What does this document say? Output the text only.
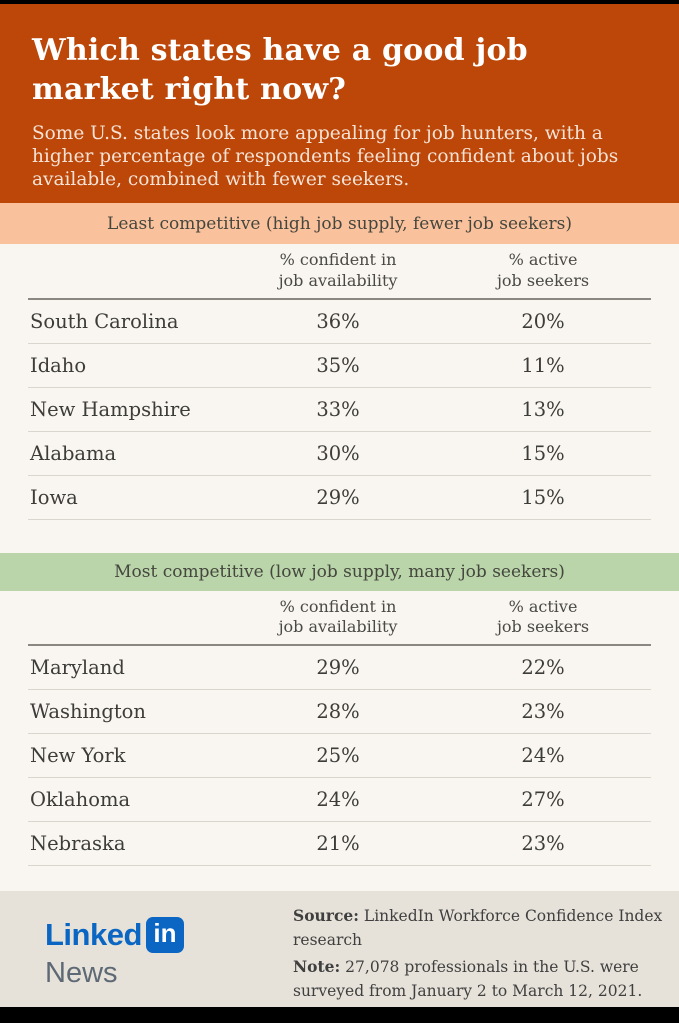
Which states have a good job
market right now?
Some U.S. states look more appealing for job hunters, with a
higher percentage of respondents feeling confident about jobs
available, combined with fewer seekers.
Least competitive (high job supply, fewer job seekers)
% confident in
job availability
% active
job seekers
South Carolina	36%	20%
Idaho	35%	11%
New Hampshire	33%	13%
Alabama	30%	15%
Iowa	29%	15%
Most competitive (low job supply, many job seekers)
% confident in
job availability
% active
job seekers
Maryland	29%	22%
Washington	28%	23%
New York	25%	24%
Oklahoma	24%	27%
Nebraska	21%	23%
Linked in
News
Source: LinkedIn Workforce Confidence Index research
Note: 27,078 professionals in the U.S. were surveyed from January 2 to March 12, 2021.
